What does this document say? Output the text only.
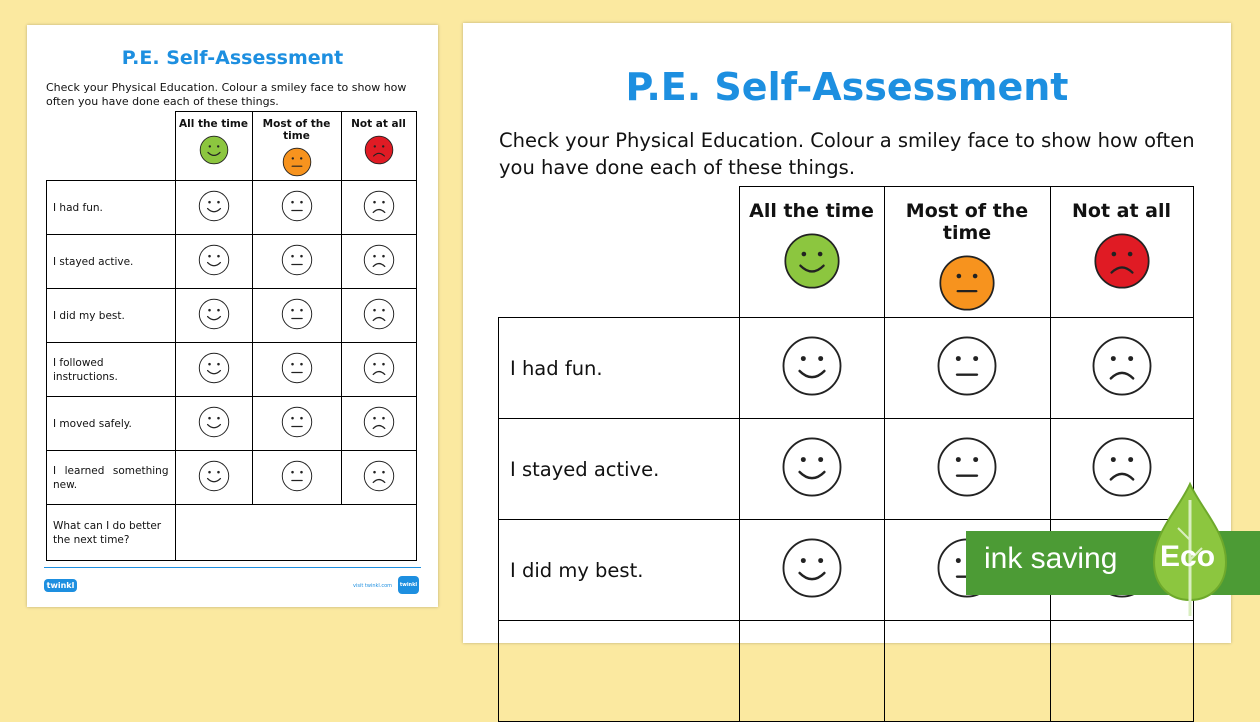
P.E. Self-Assessment

Check your Physical Education. Colour a smiley face to show how often you have done each of these things.

	All the time	Most of the time	Not at all

I had fun.			
I stayed active.			
I did my best.			
I followed instructions.			
I moved safely.			
I learned something new.			
What can I do better the next time?			
twinkl	visit twinkl.com	twinkl
P.E. Self-Assessment

Check your Physical Education. Colour a smiley face to show how often you have done each of these things.

	All the time	Most of the time	Not at all

I had fun.			
I stayed active.			
I did my best.			
				ink saving Eco
